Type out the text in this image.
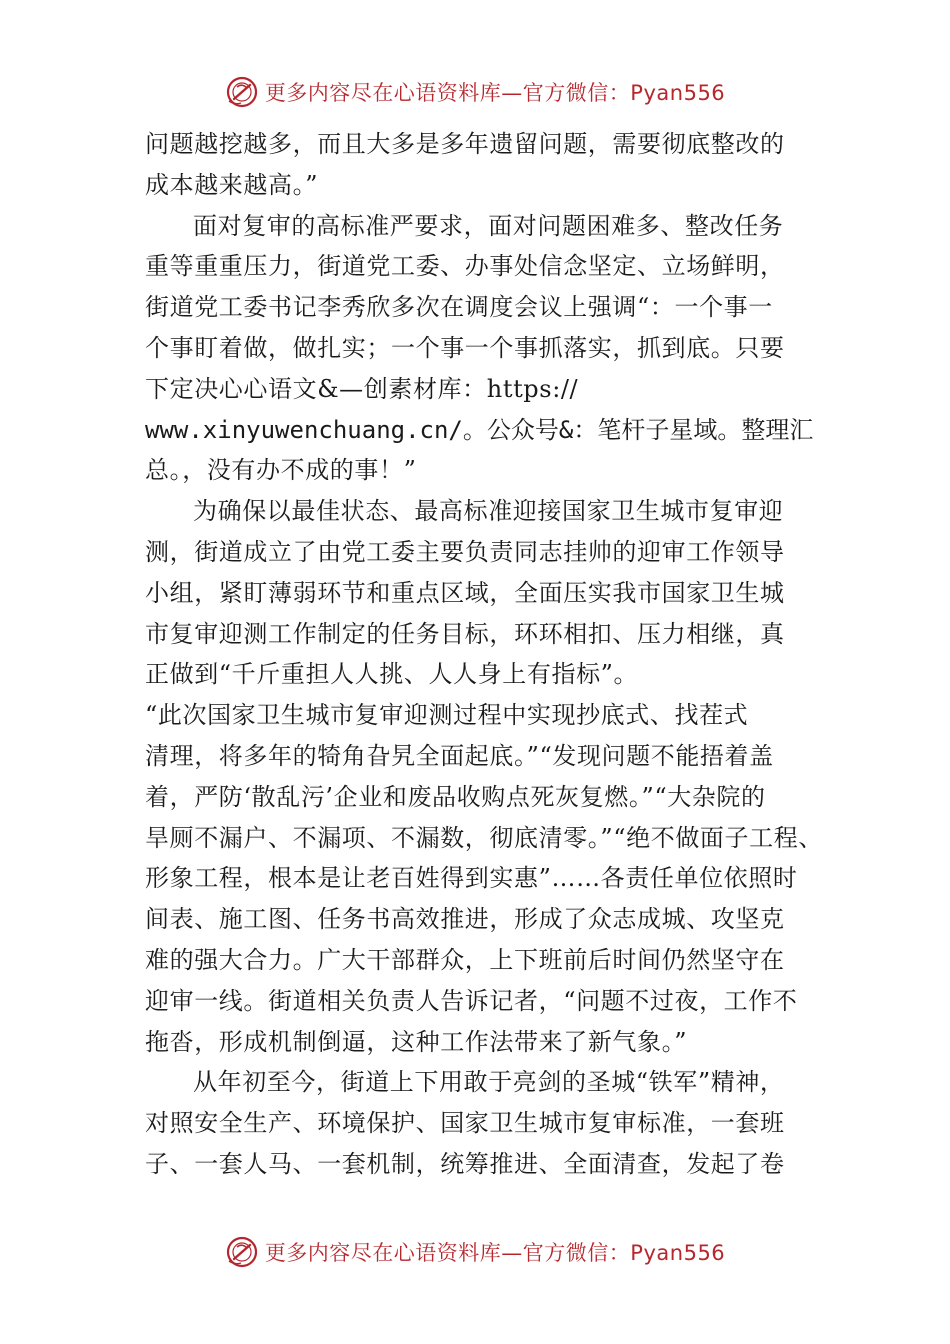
更多内容尽在心语资料库—官方微信：Pyan556
问题越挖越多，而且大多是多年遗留问题，需要彻底整改的
成本越来越高。”
面对复审的高标准严要求，面对问题困难多、整改任务
重等重重压力，街道党工委、办事处信念坚定、立场鲜明，
街道党工委书记李秀欣多次在调度会议上强调“：一个事一
个事盯着做，做扎实；一个事一个事抓落实，抓到底。只要
下定决心心语文&—创素材库：https://
www.xinyuwenchuang.cn/。公众号&：笔杆子星域。整理汇
总。，没有办不成的事！”
为确保以最佳状态、最高标准迎接国家卫生城市复审迎
测，街道成立了由党工委主要负责同志挂帅的迎审工作领导
小组，紧盯薄弱环节和重点区域，全面压实我市国家卫生城
市复审迎测工作制定的任务目标，环环相扣、压力相继，真
正做到“千斤重担人人挑、人人身上有指标”。
“此次国家卫生城市复审迎测过程中实现抄底式、找茬式
清理，将多年的犄角旮旯全面起底。”“发现问题不能捂着盖
着，严防‘散乱污’企业和废品收购点死灰复燃。”“大杂院的
旱厕不漏户、不漏项、不漏数，彻底清零。”“绝不做面子工程、
形象工程，根本是让老百姓得到实惠”……各责任单位依照时
间表、施工图、任务书高效推进，形成了众志成城、攻坚克
难的强大合力。广大干部群众，上下班前后时间仍然坚守在
迎审一线。街道相关负责人告诉记者，“问题不过夜，工作不
拖沓，形成机制倒逼，这种工作法带来了新气象。”
从年初至今，街道上下用敢于亮剑的圣城“铁军”精神，
对照安全生产、环境保护、国家卫生城市复审标准，一套班
子、一套人马、一套机制，统筹推进、全面清查，发起了卷
更多内容尽在心语资料库—官方微信：Pyan556
